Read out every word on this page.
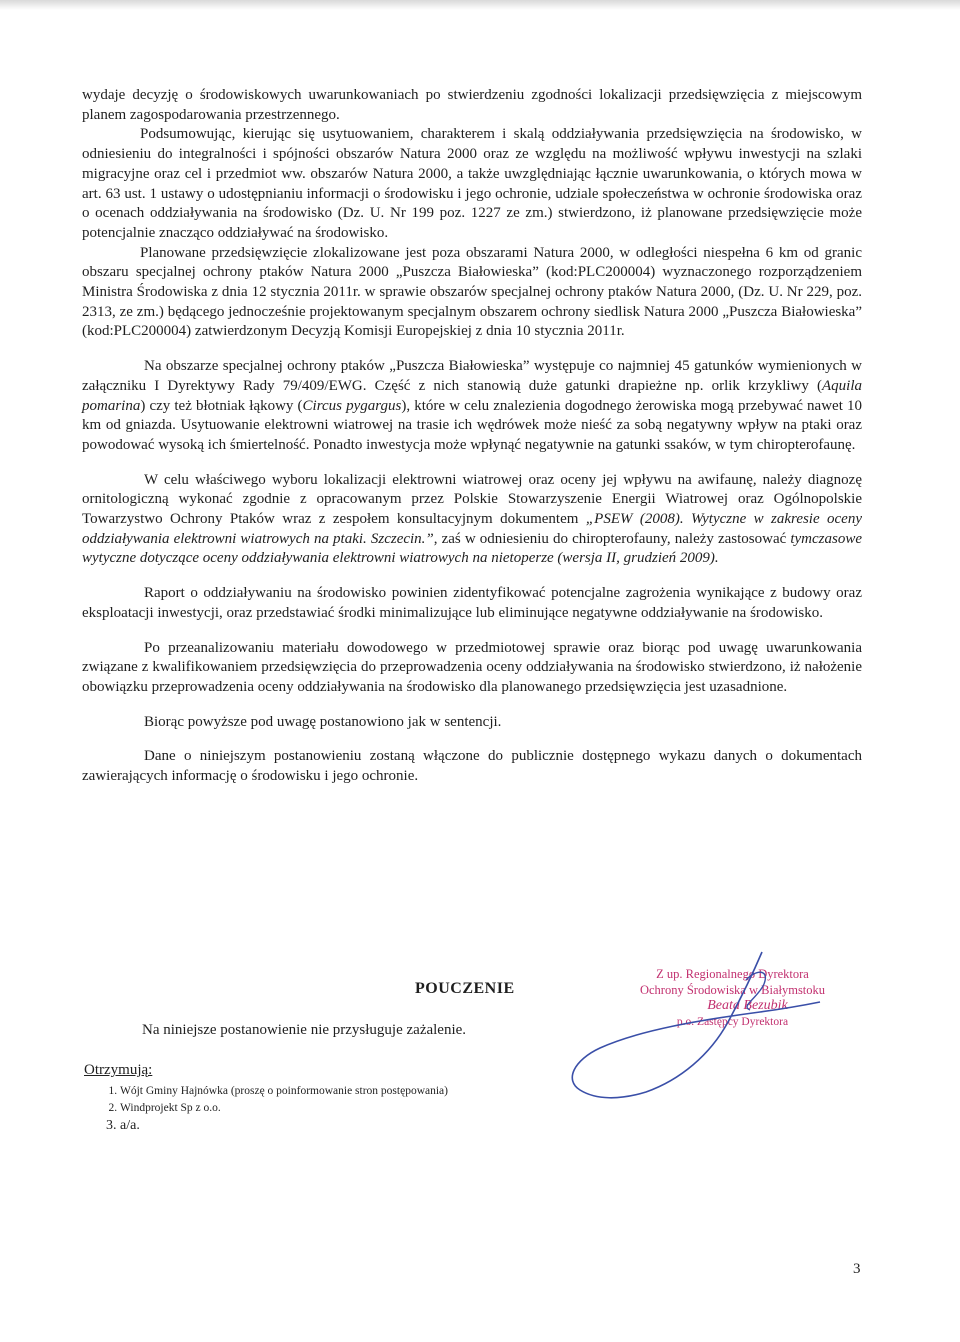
wydaje decyzję o środowiskowych uwarunkowaniach po stwierdzeniu zgodności lokalizacji przedsięwzięcia z miejscowym planem zagospodarowania przestrzennego.

Podsumowując, kierując się usytuowaniem, charakterem i skalą oddziaływania przedsięwzięcia na środowisko, w odniesieniu do integralności i spójności obszarów Natura 2000 oraz ze względu na możliwość wpływu inwestycji na szlaki migracyjne oraz cel i przedmiot ww. obszarów Natura 2000, a także uwzględniając łącznie uwarunkowania, o których mowa w art. 63 ust. 1 ustawy o udostępnianiu informacji o środowisku i jego ochronie, udziale społeczeństwa w ochronie środowiska oraz o ocenach oddziaływania na środowisko (Dz. U. Nr 199 poz. 1227 ze zm.) stwierdzono, iż planowane przedsięwzięcie może potencjalnie znacząco oddziaływać na środowisko.

Planowane przedsięwzięcie zlokalizowane jest poza obszarami Natura 2000, w odległości niespełna 6 km od granic obszaru specjalnej ochrony ptaków Natura 2000 „Puszcza Białowieska” (kod:PLC200004) wyznaczonego rozporządzeniem Ministra Środowiska z dnia 12 stycznia 2011r. w sprawie obszarów specjalnej ochrony ptaków Natura 2000, (Dz. U. Nr 229, poz. 2313, ze zm.) będącego jednocześnie projektowanym specjalnym obszarem ochrony siedlisk Natura 2000 „Puszcza Białowieska” (kod:PLC200004) zatwierdzonym Decyzją Komisji Europejskiej z dnia 10 stycznia 2011r.

Na obszarze specjalnej ochrony ptaków „Puszcza Białowieska” występuje co najmniej 45 gatunków wymienionych w załączniku I Dyrektywy Rady 79/409/EWG. Część z nich stanowią duże gatunki drapieżne np. orlik krzykliwy (Aquila pomarina) czy też błotniak łąkowy (Circus pygargus), które w celu znalezienia dogodnego żerowiska mogą przebywać nawet 10 km od gniazda. Usytuowanie elektrowni wiatrowej na trasie ich wędrówek może nieść za sobą negatywny wpływ na ptaki oraz powodować wysoką ich śmiertelność. Ponadto inwestycja może wpłynąć negatywnie na gatunki ssaków, w tym chiropterofaunę.

W celu właściwego wyboru lokalizacji elektrowni wiatrowej oraz oceny jej wpływu na awifaunę, należy diagnozę ornitologiczną wykonać zgodnie z opracowanym przez Polskie Stowarzyszenie Energii Wiatrowej oraz Ogólnopolskie Towarzystwo Ochrony Ptaków wraz z zespołem konsultacyjnym dokumentem „PSEW (2008). Wytyczne w zakresie oceny oddziaływania elektrowni wiatrowych na ptaki. Szczecin.”, zaś w odniesieniu do chiropterofauny, należy zastosować tymczasowe wytyczne dotyczące oceny oddziaływania elektrowni wiatrowych na nietoperze (wersja II, grudzień 2009).

Raport o oddziaływaniu na środowisko powinien zidentyfikować potencjalne zagrożenia wynikające z budowy oraz eksploatacji inwestycji, oraz przedstawiać środki minimalizujące lub eliminujące negatywne oddziaływanie na środowisko.

Po przeanalizowaniu materiału dowodowego w przedmiotowej sprawie oraz biorąc pod uwagę uwarunkowania związane z kwalifikowaniem przedsięwzięcia do przeprowadzenia oceny oddziaływania na środowisko stwierdzono, iż nałożenie obowiązku przeprowadzenia oceny oddziaływania na środowisko dla planowanego przedsięwzięcia jest uzasadnione.

Biorąc powyższe pod uwagę postanowiono jak w sentencji.

Dane o niniejszym postanowieniu zostaną włączone do publicznie dostępnego wykazu danych o dokumentach zawierających informację o środowisku i jego ochronie.

POUCZENIE
Na niniejsze postanowienie nie przysługuje zażalenie.
Z up. Regionalnego Dyrektora
Ochrony Środowiska w Białymstoku
Beata Bezubik
p.o. Zastępcy Dyrektora
Otrzymują:
1. Wójt Gminy Hajnówka (proszę o poinformowanie stron postępowania)
2. Windprojekt Sp z o.o.
3. a/a.
3
